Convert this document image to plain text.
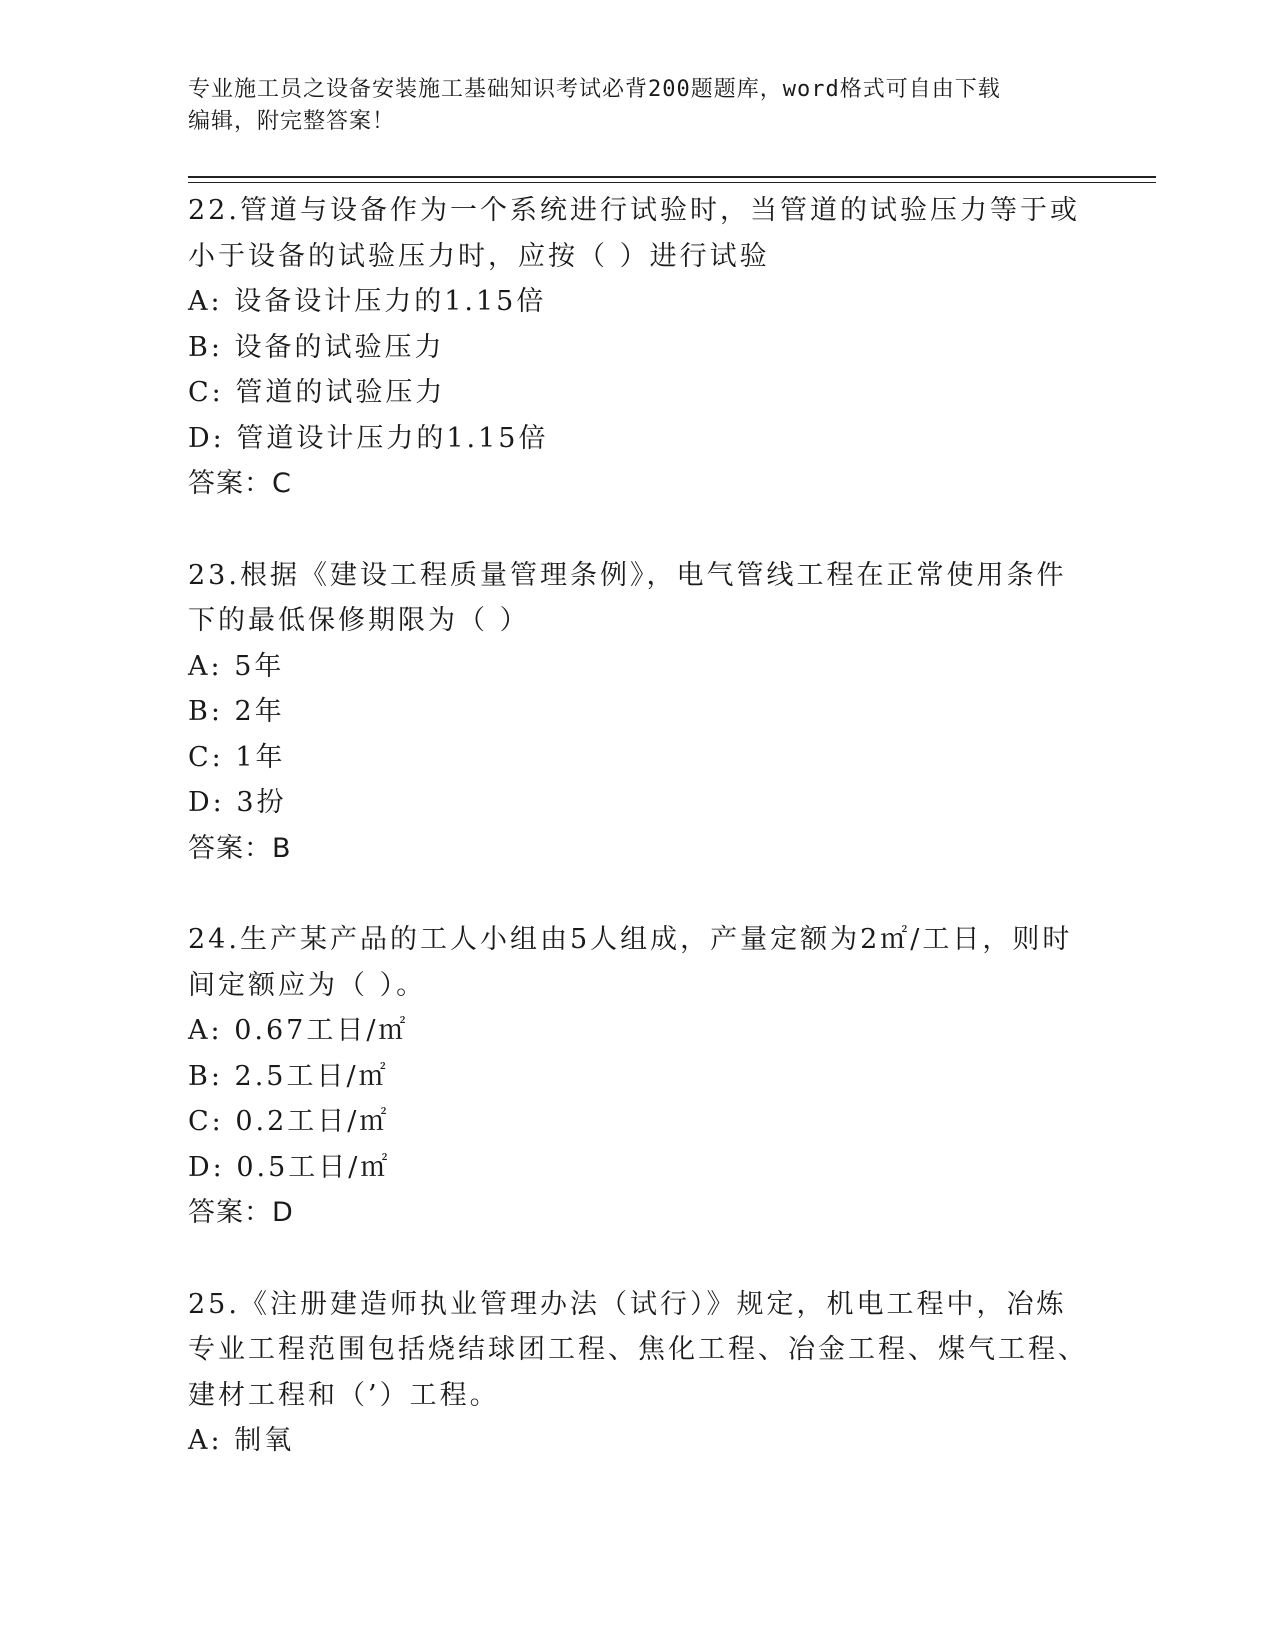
专业施工员之设备安装施工基础知识考试必背200题题库，word格式可自由下载
编辑，附完整答案！

22.管道与设备作为一个系统进行试验时，当管道的试验压力等于或小于设备的试验压力时，应按（ ）进行试验

A: 设备设计压力的1.15倍

B: 设备的试验压力

C: 管道的试验压力

D: 管道设计压力的1.15倍

答案：C

23.根据《建设工程质量管理条例》，电气管线工程在正常使用条件下的最低保修期限为（ ）

A: 5年

B: 2年

C: 1年

D: 3扮

答案：B

24.生产某产品的工人小组由5人组成，产量定额为2㎡/工日，则时间定额应为（ ）。

A: 0.67工日/㎡

B: 2.5工日/㎡

C: 0.2工日/㎡

D: 0.5工日/㎡

答案：D

25.《注册建造师执业管理办法（试行）》规定，机电工程中，冶炼专业工程范围包括烧结球团工程、焦化工程、冶金工程、煤气工程、建材工程和（’）工程。

A: 制氧
